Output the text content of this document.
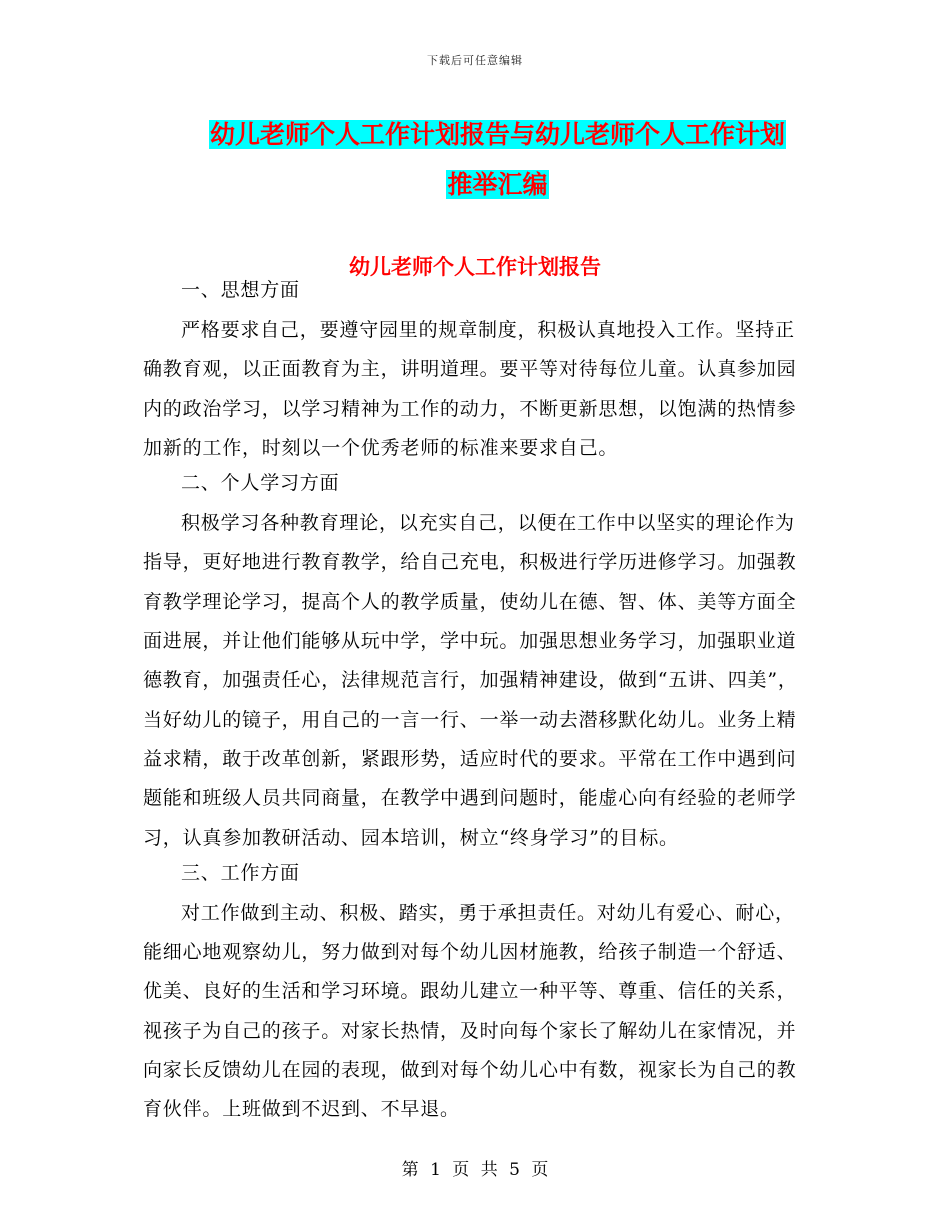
下载后可任意编辑
幼儿老师个人工作计划报告与幼儿老师个人工作计划
推举汇编
幼儿老师个人工作计划报告

一、思想方面

严格要求自己，要遵守园里的规章制度，积极认真地投入工作。坚持正确教育观，以正面教育为主，讲明道理。要平等对待每位儿童。认真参加园内的政治学习，以学习精神为工作的动力，不断更新思想，以饱满的热情参加新的工作，时刻以一个优秀老师的标准来要求自己。

二、个人学习方面

积极学习各种教育理论，以充实自己，以便在工作中以坚实的理论作为指导，更好地进行教育教学，给自己充电，积极进行学历进修学习。加强教育教学理论学习，提高个人的教学质量，使幼儿在德、智、体、美等方面全面进展，并让他们能够从玩中学，学中玩。加强思想业务学习，加强职业道德教育，加强责任心，法律规范言行，加强精神建设，做到“五讲、四美”，当好幼儿的镜子，用自己的一言一行、一举一动去潜移默化幼儿。业务上精益求精，敢于改革创新，紧跟形势，适应时代的要求。平常在工作中遇到问题能和班级人员共同商量，在教学中遇到问题时，能虚心向有经验的老师学习，认真参加教研活动、园本培训，树立“终身学习”的目标。

三、工作方面

对工作做到主动、积极、踏实，勇于承担责任。对幼儿有爱心、耐心，能细心地观察幼儿，努力做到对每个幼儿因材施教，给孩子制造一个舒适、优美、良好的生活和学习环境。跟幼儿建立一种平等、尊重、信任的关系，视孩子为自己的孩子。对家长热情，及时向每个家长了解幼儿在家情况，并向家长反馈幼儿在园的表现，做到对每个幼儿心中有数，视家长为自己的教育伙伴。上班做到不迟到、不早退。

第 1 页 共 5 页
